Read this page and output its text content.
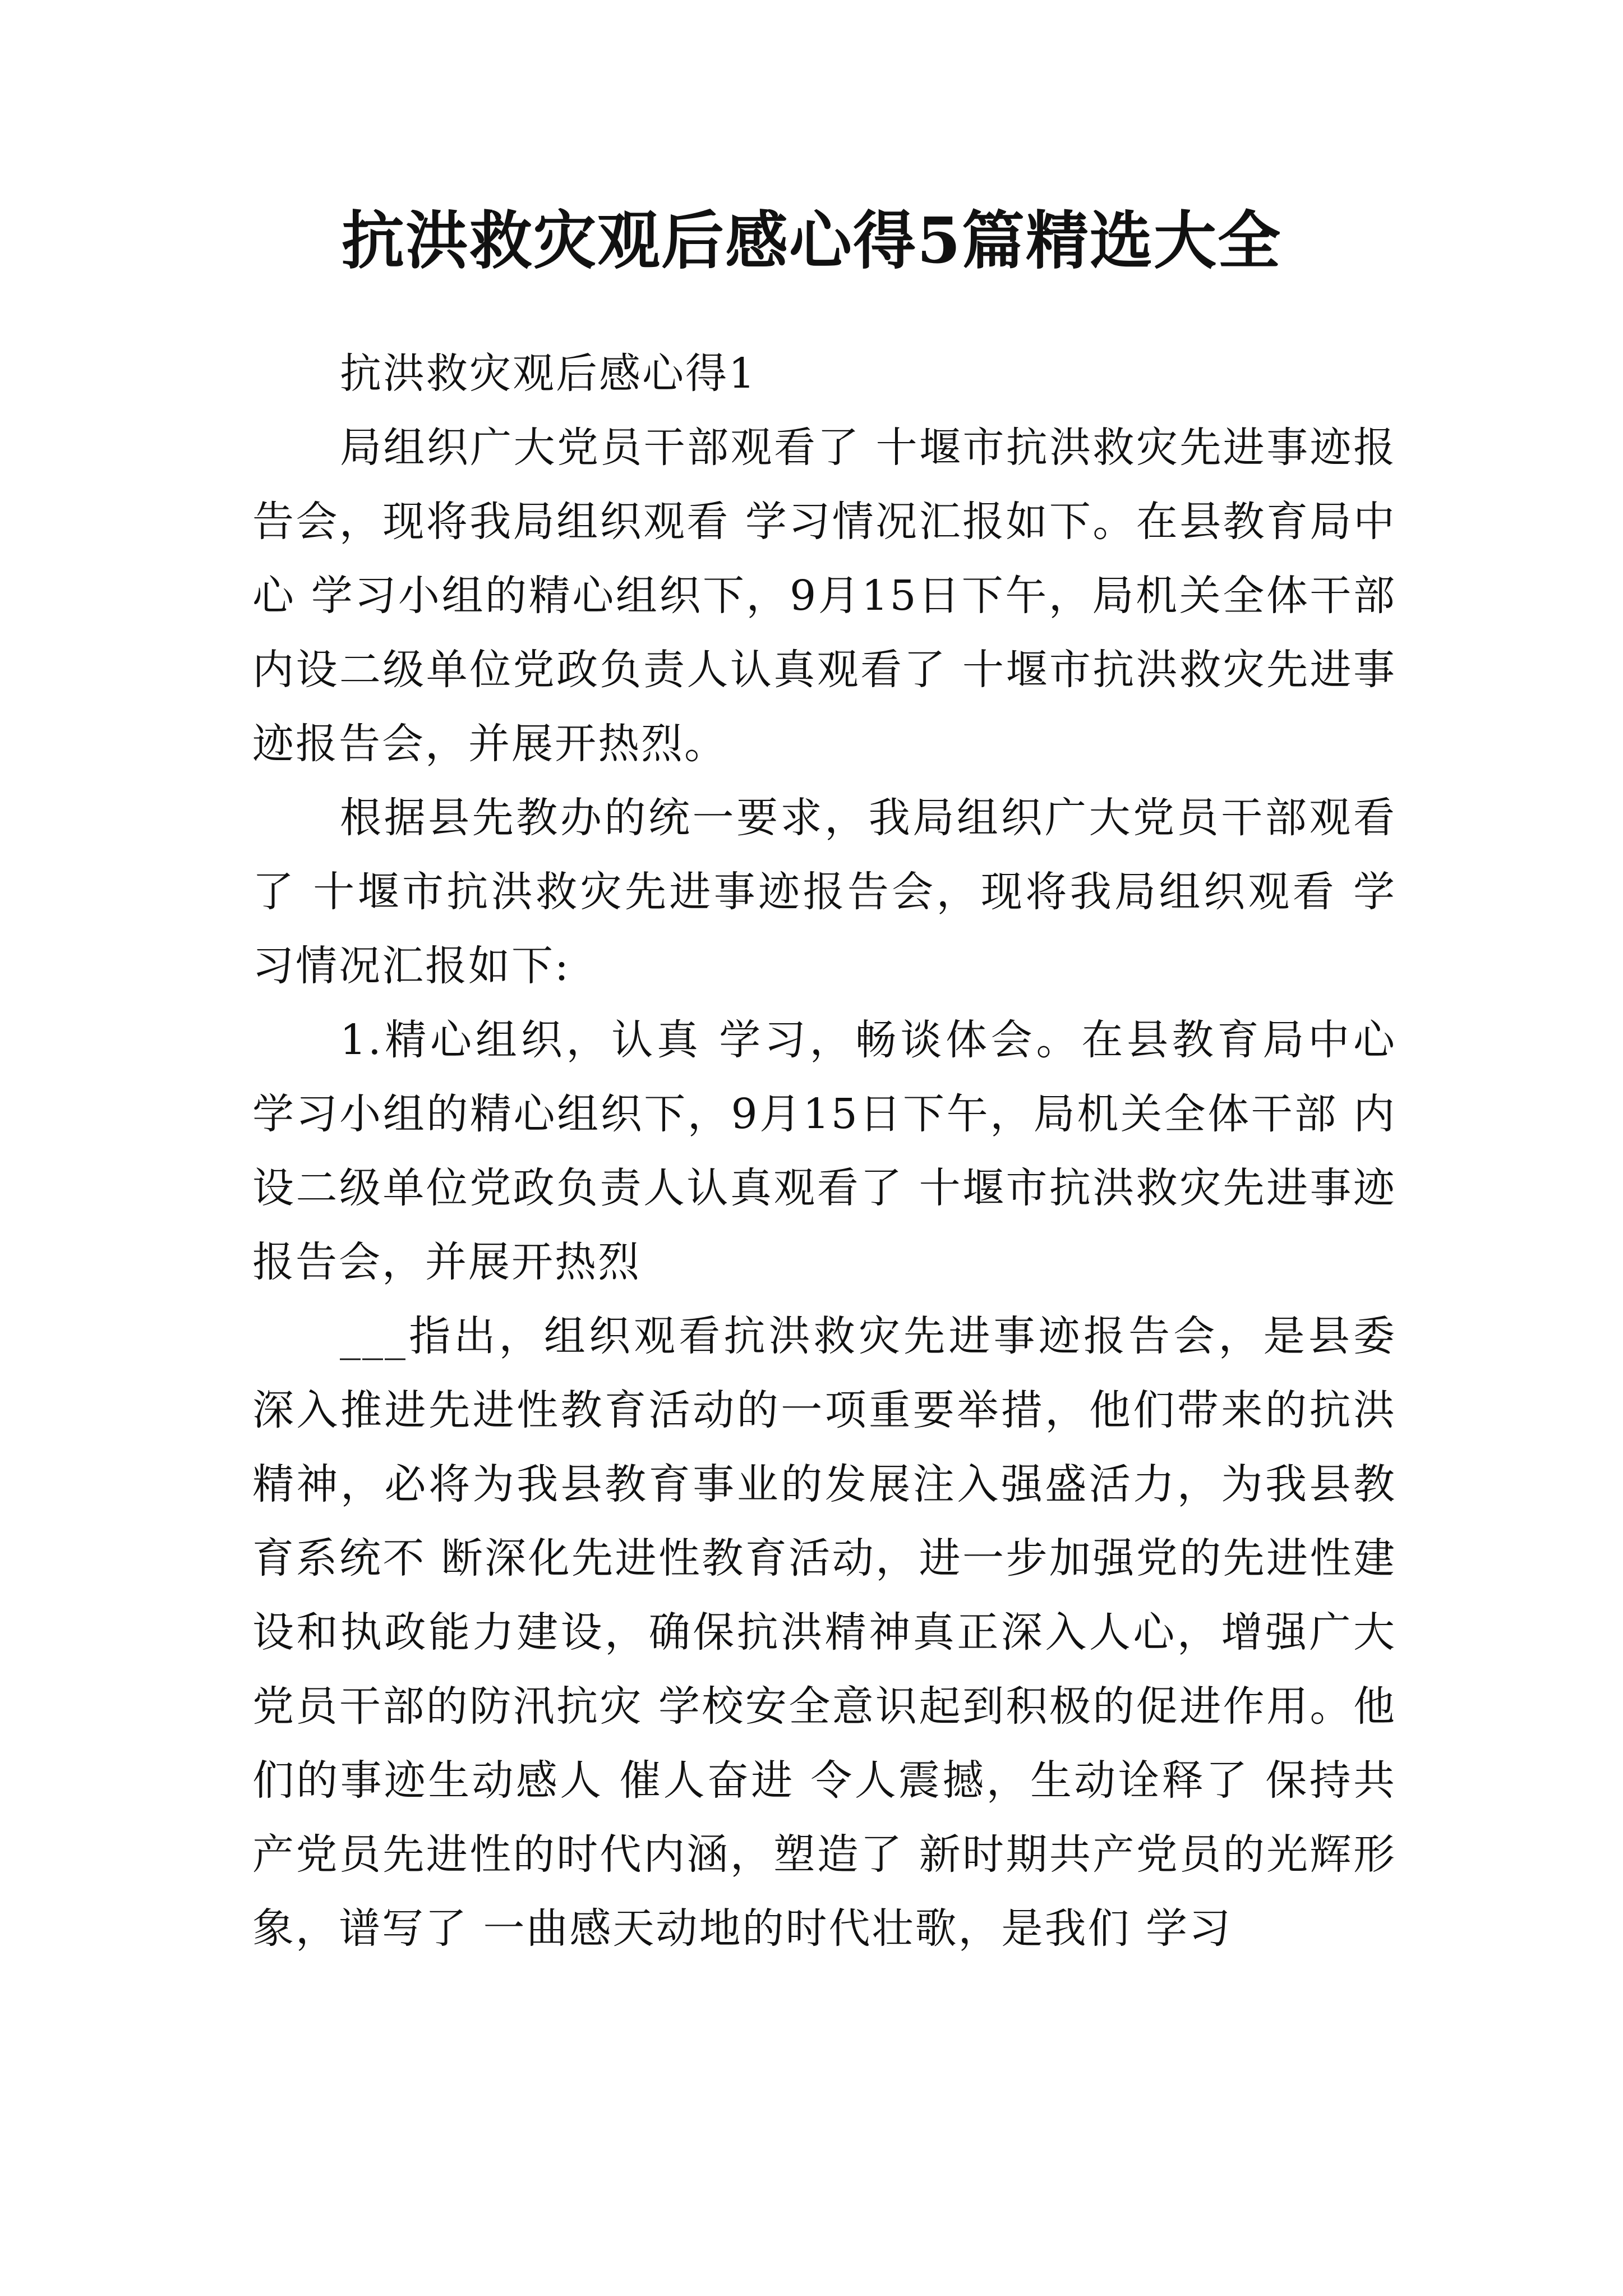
抗洪救灾观后感心得5篇精选大全

抗洪救灾观后感心得1

局组织广大党员干部观看了 十堰市抗洪救灾先进事迹报告会，现将我局组织观看 学习情况汇报如下。在县教育局中心 学习小组的精心组织下，9月15日下午，局机关全体干部 内设二级单位党政负责人认真观看了 十堰市抗洪救灾先进事迹报告会，并展开热烈。

根据县先教办的统一要求，我局组织广大党员干部观看了 十堰市抗洪救灾先进事迹报告会，现将我局组织观看 学习情况汇报如下:

1.精心组织，认真 学习，畅谈体会。在县教育局中心 学习小组的精心组织下，9月15日下午，局机关全体干部 内设二级单位党政负责人认真观看了 十堰市抗洪救灾先进事迹报告会，并展开热烈

___指出，组织观看抗洪救灾先进事迹报告会，是县委深入推进先进性教育活动的一项重要举措，他们带来的抗洪精神，必将为我县教育事业的发展注入强盛活力，为我县教育系统不 断深化先进性教育活动，进一步加强党的先进性建设和执政能力建设，确保抗洪精神真正深入人心，增强广大党员干部的防汛抗灾 学校安全意识起到积极的促进作用。他们的事迹生动感人 催人奋进 令人震撼，生动诠释了 保持共产党员先进性的时代内涵，塑造了 新时期共产党员的光辉形象，谱写了 一曲感天动地的时代壮歌，是我们 学习
